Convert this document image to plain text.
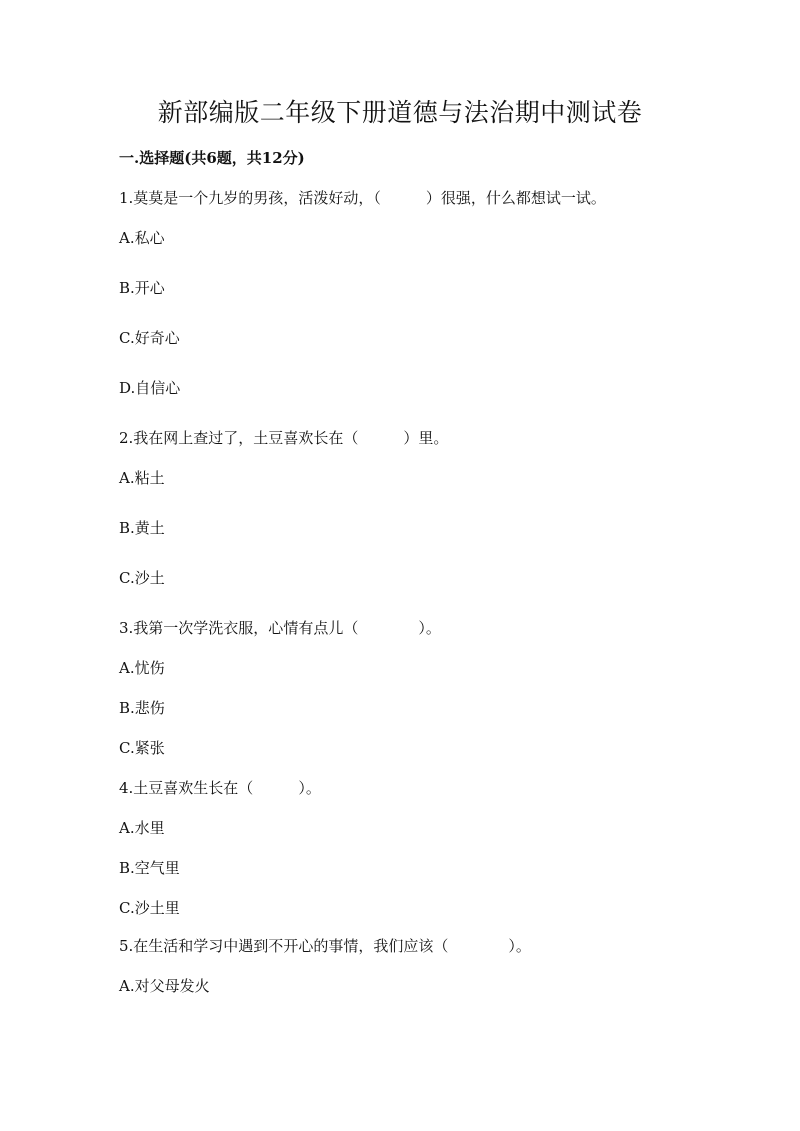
新部编版二年级下册道德与法治期中测试卷
一.选择题(共6题，共12分)
1.莫莫是一个九岁的男孩，活泼好动，（　　　）很强，什么都想试一试。
A.私心
B.开心
C.好奇心
D.自信心
2.我在网上查过了，土豆喜欢长在（　　　）里。
A.粘土
B.黄土
C.沙土
3.我第一次学洗衣服，心情有点儿（　　　　）。
A.忧伤
B.悲伤
C.紧张
4.土豆喜欢生长在（　　　）。
A.水里
B.空气里
C.沙土里
5.在生活和学习中遇到不开心的事情，我们应该（　　　　）。
A.对父母发火
